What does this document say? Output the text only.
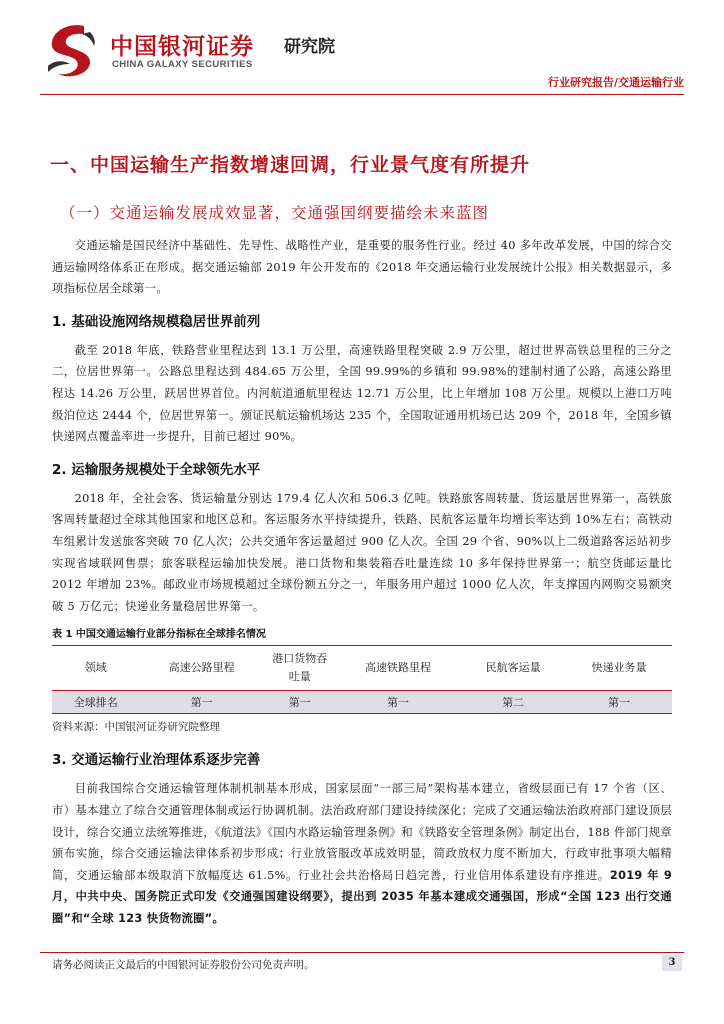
中国银河证券
CHINA GALAXY SECURITIES
研究院
行业研究报告/交通运输行业
一、中国运输生产指数增速回调，行业景气度有所提升
（一）交通运输发展成效显著，交通强国纲要描绘未来蓝图

交通运输是国民经济中基础性、先导性、战略性产业，是重要的服务性行业。经过 40 多年改革发展，中国的综合交通运输网络体系正在形成。据交通运输部 2019 年公开发布的《2018 年交通运输行业发展统计公报》相关数据显示，多项指标位居全球第一。

1. 基础设施网络规模稳居世界前列

截至 2018 年底，铁路营业里程达到 13.1 万公里，高速铁路里程突破 2.9 万公里，超过世界高铁总里程的三分之二，位居世界第一。公路总里程达到 484.65 万公里，全国 99.99%的乡镇和 99.98%的建制村通了公路，高速公路里程达 14.26 万公里，跃居世界首位。内河航道通航里程达 12.71 万公里，比上年增加 108 万公里。规模以上港口万吨级泊位达 2444 个，位居世界第一。颁证民航运输机场达 235 个，全国取证通用机场已达 209 个，2018 年，全国乡镇快递网点覆盖率进一步提升，目前已超过 90%。

2. 运输服务规模处于全球领先水平

2018 年，全社会客、货运输量分别达 179.4 亿人次和 506.3 亿吨。铁路旅客周转量、货运量居世界第一，高铁旅客周转量超过全球其他国家和地区总和。客运服务水平持续提升，铁路、民航客运量年均增长率达到 10%左右；高铁动车组累计发送旅客突破 70 亿人次；公共交通年客运量超过 900 亿人次。全国 29 个省、90%以上二级道路客运站初步实现省域联网售票；旅客联程运输加快发展。港口货物和集装箱吞吐量连续 10 多年保持世界第一；航空货邮运量比 2012 年增加 23%。邮政业市场规模超过全球份额五分之一，年服务用户超过 1000 亿人次，年支撑国内网购交易额突破 5 万亿元；快递业务量稳居世界第一。

表 1 中国交通运输行业部分指标在全球排名情况
领域	高速公路里程	港口货物吞吐量	高速铁路里程	民航客运量	快递业务量
全球排名	第一	第一	第一	第二	第一
资料来源：中国银河证券研究院整理
3. 交通运输行业治理体系逐步完善

目前我国综合交通运输管理体制机制基本形成，国家层面“一部三局”架构基本建立，省级层面已有 17 个省（区、市）基本建立了综合交通管理体制或运行协调机制。法治政府部门建设持续深化；完成了交通运输法治政府部门建设顶层设计，综合交通立法统筹推进，《航道法》《国内水路运输管理条例》和《铁路安全管理条例》制定出台，188 件部门规章颁布实施，综合交通运输法律体系初步形成；行业放管服改革成效明显，简政放权力度不断加大，行政审批事项大幅精简，交通运输部本级取消下放幅度达 61.5%。行业社会共治格局日趋完善，行业信用体系建设有序推进。2019 年 9 月，中共中央、国务院正式印发《交通强国建设纲要》，提出到 2035 年基本建成交通强国，形成“全国 123 出行交通圈”和“全球 123 快货物流圈”。

请务必阅读正文最后的中国银河证券股份公司免责声明。	3
